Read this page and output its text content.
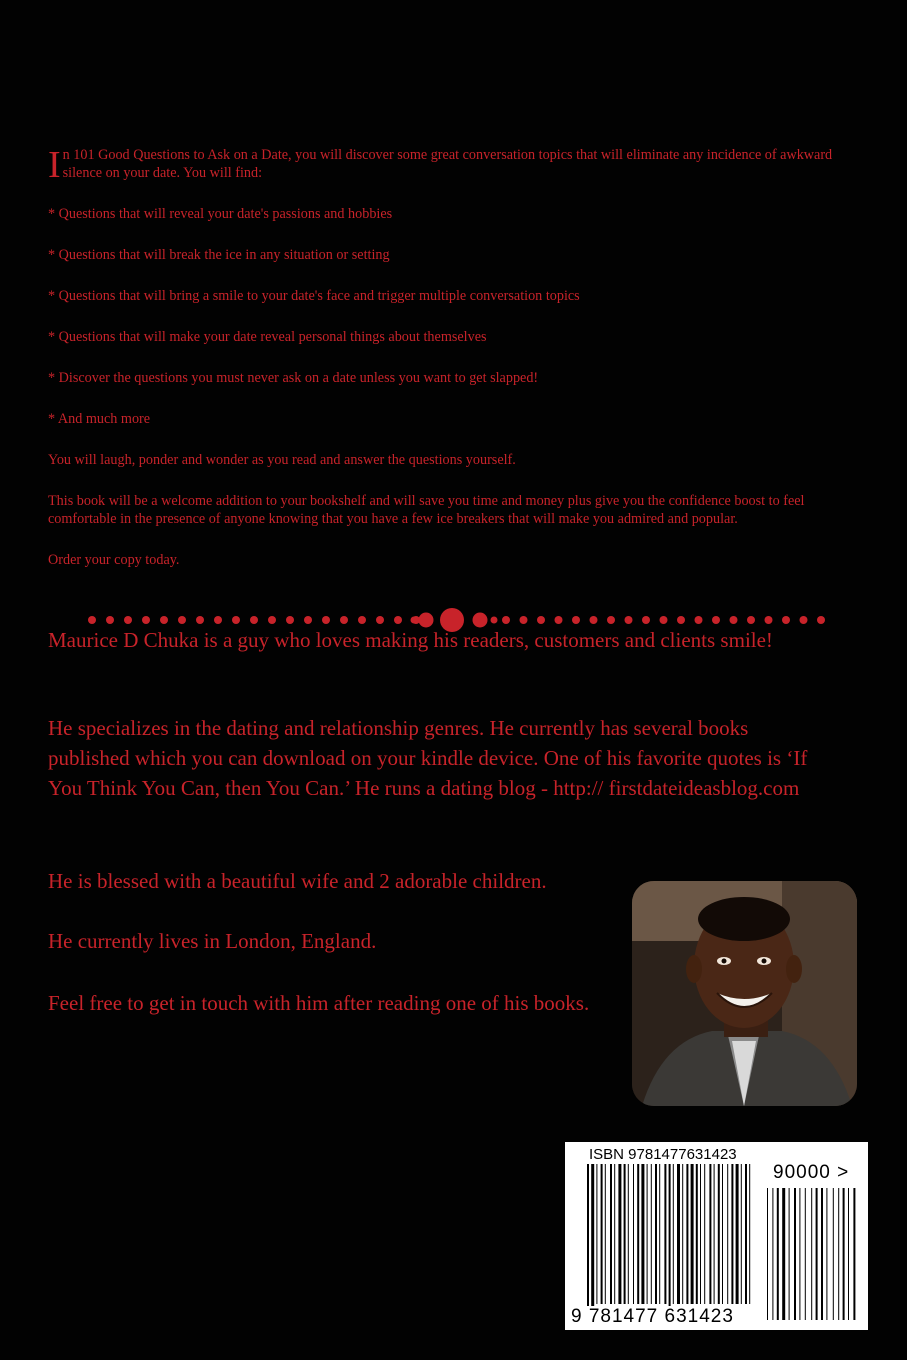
I n 101 Good Questions to Ask on a Date, you will discover some great conversation topics that will eliminate any incidence of awkward silence on your date. You will find:

* Questions that will reveal your date's passions and hobbies

* Questions that will break the ice in any situation or setting

* Questions that will bring a smile to your date's face and trigger multiple conversation topics

* Questions that will make your date reveal personal things about themselves

* Discover the questions you must never ask on a date unless you want to get slapped!

* And much more

You will laugh, ponder and wonder as you read and answer the questions yourself.

This book will be a welcome addition to your bookshelf and will save you time and money plus give you the confidence boost to feel comfortable in the presence of anyone knowing that you have a few ice breakers that will make you admired and popular.

Order your copy today.

Maurice D Chuka is a guy who loves making his readers, customers and clients smile!
He specializes in the dating and relationship genres. He currently has several books published which you can download on your kindle device. One of his favorite quotes is ‘If You Think You Can, then You Can.’ He runs a dating blog - http:// firstdateideasblog.com
He is blessed with a beautiful wife and 2 adorable children.
He currently lives in London, England.
Feel free to get in touch with him after reading one of his books.
ISBN 9781477631423
90000 >
9 781477 631423
